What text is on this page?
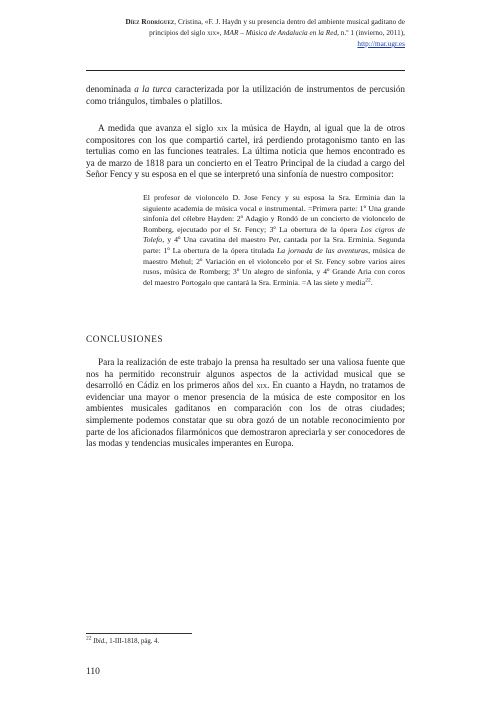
Díez Rodríguez, Cristina, «F. J. Haydn y su presencia dentro del ambiente musical gaditano de principios del siglo xix», MAR – Música de Andalucía en la Red, n.º 1 (invierno, 2011),
http://mar.ugr.es
denominada a la turca caracterizada por la utilización de instrumentos de percusión como triángulos, timbales o platillos.
A medida que avanza el siglo xix la música de Haydn, al igual que la de otros compositores con los que compartió cartel, irá perdiendo protagonismo tanto en las tertulias como en las funciones teatrales. La última noticia que hemos encontrado es ya de marzo de 1818 para un concierto en el Teatro Principal de la ciudad a cargo del Señor Fency y su esposa en el que se interpretó una sinfonía de nuestro compositor:
El profesor de violoncelo D. Jose Fency y su esposa la Sra. Erminia dan la siguiente academia de música vocal e instrumental. =Primera parte: 1º Una grande sinfonía del célebre Hayden: 2º Adagio y Rondó de un concierto de violoncelo de Romberg, ejecutado por el Sr. Fency; 3º La obertura de la ópera Los cigros de Tolefo, y 4º Una cavatina del maestro Per, cantada por la Sra. Erminia. Segunda parte: 1º La obertura de la ópera titulada La jornada de las aventuras, música de maestro Mehul; 2º Variación en el violoncelo por el Sr. Fency sobre varios aires rusos, música de Romberg; 3º Un alegro de sinfonía, y 4º Grande Aria con coros del maestro Portogalo que cantará la Sra. Erminia. =A las siete y media$^{22}$.
CONCLUSIONES
Para la realización de este trabajo la prensa ha resultado ser una valiosa fuente que nos ha permitido reconstruir algunos aspectos de la actividad musical que se desarrolló en Cádiz en los primeros años del xix. En cuanto a Haydn, no tratamos de evidenciar una mayor o menor presencia de la música de este compositor en los ambientes musicales gaditanos en comparación con los de otras ciudades; simplemente podemos constatar que su obra gozó de un notable reconocimiento por parte de los aficionados filarmónicos que demostraron apreciarla y ser conocedores de las modas y tendencias musicales imperantes en Europa.
$^{22}$ Ibid., 1-III-1818, pág. 4.
110
